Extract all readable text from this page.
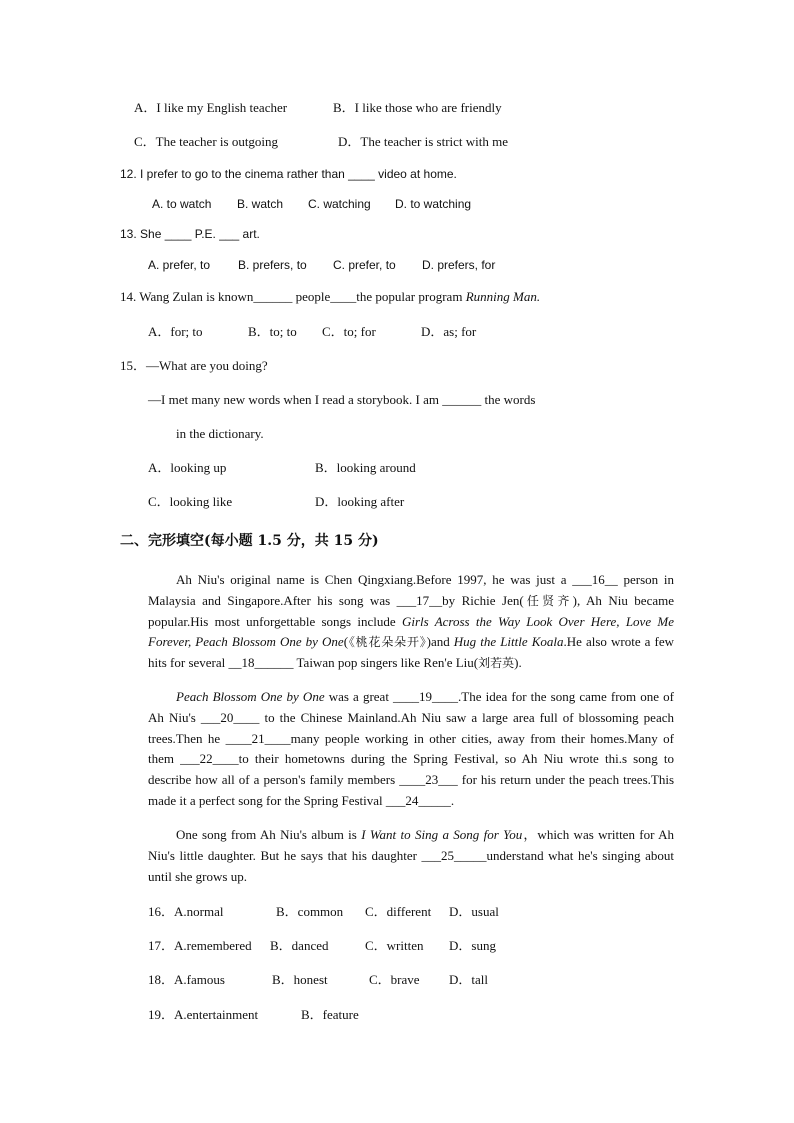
A．I like my English teacher	B．I like those who are friendly
C．The teacher is outgoing	D．The teacher is strict with me
12. I prefer to go to the cinema rather than ____ video at home.
A. to watch B. watch C. watching D. to watching
13. She ____ P.E. ___ art.
A. prefer, to B. prefers, to C. prefer, to D. prefers, for
14. Wang Zulan is known______ people____the popular program Running Man.
A．for; to	B．to; to C．to; for	D．as; for
15．—What are you doing?
—I met many new words when I read a storybook. I am ______ the words
in the dictionary.
A．looking up	B．looking around
C．looking like	D．looking after
二、完形填空(每小题 1.5 分，共 15 分)
Ah Niu's original name is Chen Qingxiang.Before 1997, he was just a ___16__ person in Malaysia and Singapore.After his song was ___17__by Richie Jen(任贤齐), Ah Niu became popular.His most unforgettable songs include Girls Across the Way Look Over Here, Love Me Forever, Peach Blossom One by One(《桃花朵朵开》)and Hug the Little Koala.He also wrote a few hits for several __18______ Taiwan pop singers like Ren'e Liu(刘若英).
Peach Blossom One by One was a great ____19____.The idea for the song came from one of Ah Niu's ___20____ to the Chinese Mainland.Ah Niu saw a large area full of blossoming peach trees.Then he ____21____many people working in other cities, away from their homes.Many of them ___22____to their hometowns during the Spring Festival, so Ah Niu wrote thi.s song to describe how all of a person's family members ____23___ for his return under the peach trees.This made it a perfect song for the Spring Festival ___24_____.
One song from Ah Niu's album is I Want to Sing a Song for You，which was written for Ah Niu's little daughter. But he says that his daughter ___25_____understand what he's singing about until she grows up.
16．A.normal	B．common C．different D．usual
17．A.remembered B．danced	C．written D．sung
18．A.famous	B．honest	C．brave D．tall
19．A.entertainment	B．feature
